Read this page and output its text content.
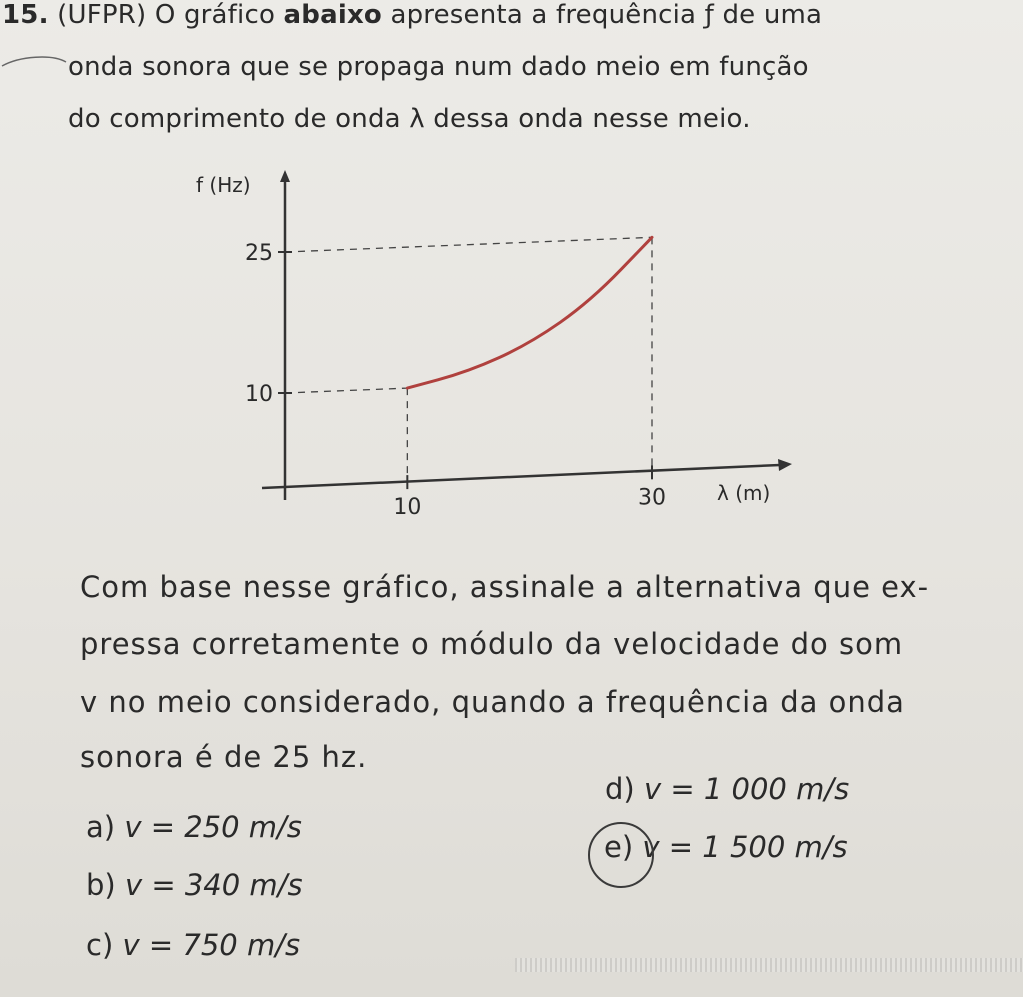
15. (UFPR) O gráfico abaixo apresenta a frequência ƒ de uma
onda sonora que se propaga num dado meio em função
do comprimento de onda λ dessa onda nesse meio.
25
10
10	30
f (Hz)
λ (m)
Com base nesse gráfico, assinale a alternativa que ex-
pressa corretamente o módulo da velocidade do som
v no meio considerado, quando a frequência da onda
sonora é de 25 hz.
a) v = 250 m/s
b) v = 340 m/s
c) v = 750 m/s
d) v = 1 000 m/s
e) v = 1 500 m/s
